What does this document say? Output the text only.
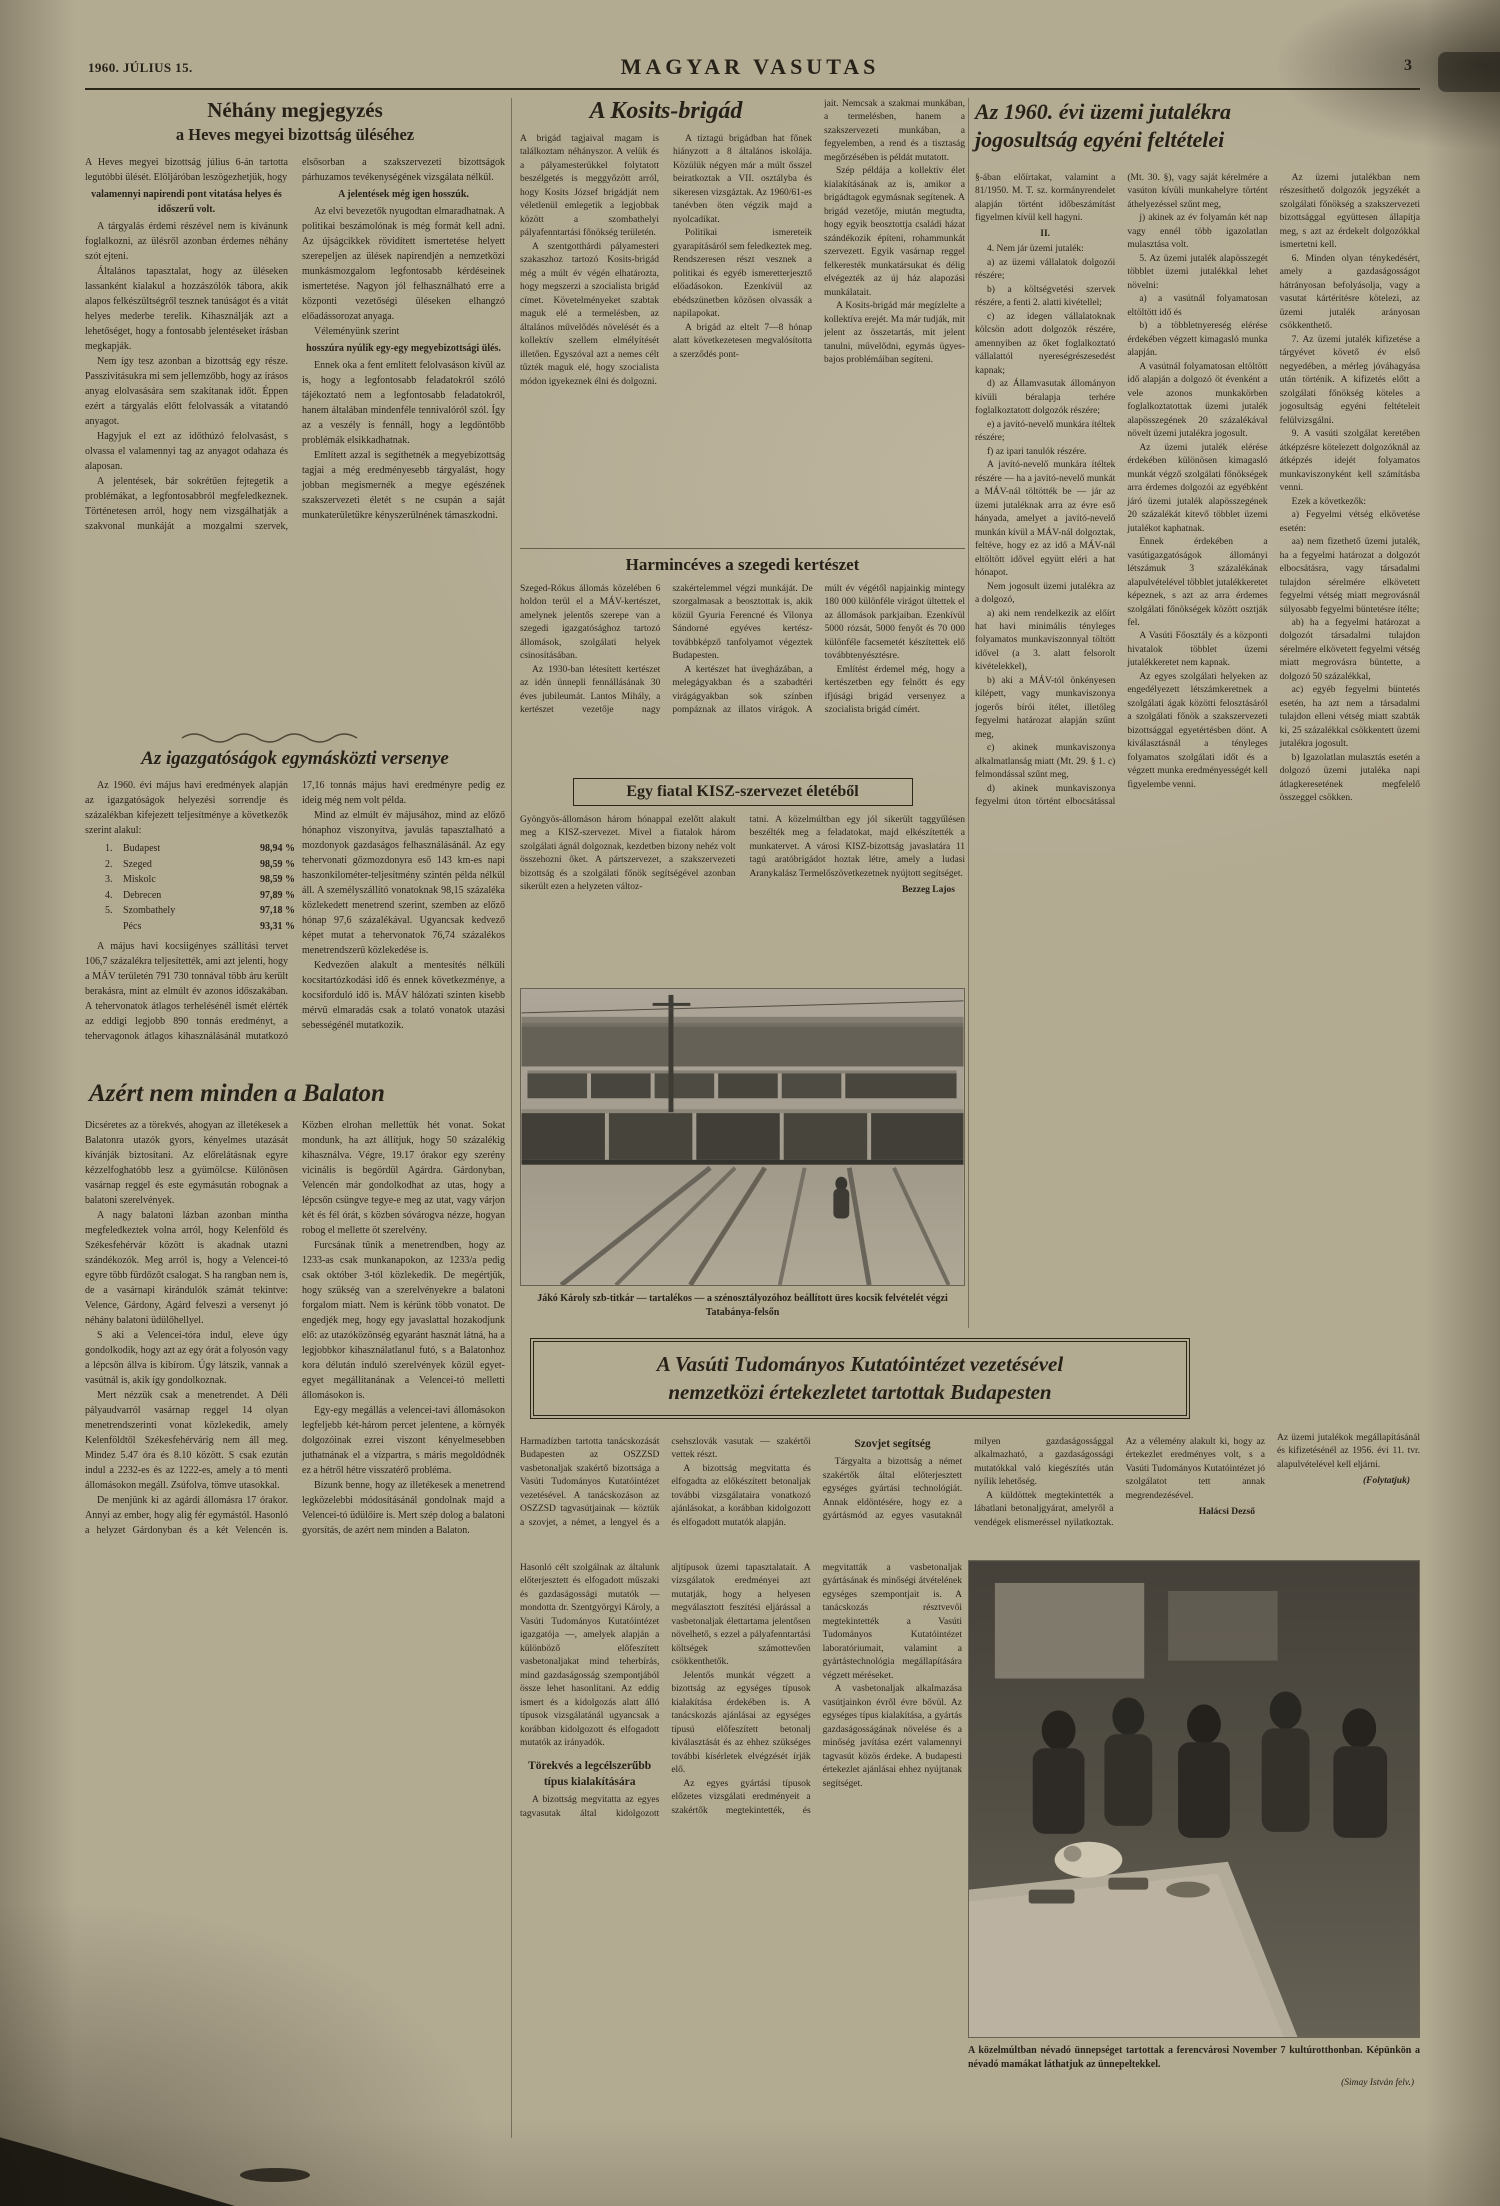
1960. JÚLIUS 15.	MAGYAR VASUTAS	3
Néhány megjegyzés
a Heves megyei bizottság üléséhez

A Heves megyei bizottság július 6-án tartotta legutóbbi ülését. Elöljáróban leszögezhetjük, hogy

valamennyi napirendi pont vitatása helyes és időszerű volt.

A tárgyalás érdemi részével nem is kívánunk foglalkozni, az ülésről azonban érdemes néhány szót ejteni.

Általános tapasztalat, hogy az üléseken lassanként kialakul a hozzászólók tábora, akik alapos felkészültségről tesznek tanúságot és a vitát helyes mederbe terelik. Kihasználják azt a lehetőséget, hogy a fontosabb jelentéseket írásban megkapják.

Nem így tesz azonban a bizottság egy része. Passzivitásukra mi sem jellemzőbb, hogy az írásos anyag elolvasására sem szakítanak időt. Éppen ezért a tárgyalás előtt felolvassák a vitatandó anyagot.

Hagyjuk el ezt az időthúzó felolvasást, s olvassa el valamennyi tag az anyagot odahaza és alaposan.

A jelentések, bár sokrétűen fejtegetik a problémákat, a legfontosabbról megfeledkeznek. Történetesen arról, hogy nem vizsgálhatják a szakvonal munkáját a mozgalmi szervek, elsősorban a szakszervezeti bizottságok párhuzamos tevékenységének vizsgálata nélkül.

A jelentések még igen hosszúk.

Az elvi bevezetők nyugodtan elmaradhatnak. A politikai beszámolónak is még formát kell adni. Az újságcikkek rövidített ismertetése helyett szerepeljen az ülések napirendjén a nemzetközi munkásmozgalom legfontosabb kérdéseinek ismertetése. Nagyon jól felhasználható erre a központi vezetőségi üléseken elhangzó előadássorozat anyaga.

Véleményünk szerint

hosszúra nyúlik egy-egy megyebizottsági ülés.

Ennek oka a fent említett felolvasáson kívül az is, hogy a legfontosabb feladatokról szóló tájékoztató nem a legfontosabb feladatokról, hanem általában mindenféle tennivalóról szól. Így az a veszély is fennáll, hogy a legdöntőbb problémák elsikkadhatnak.

Említett azzal is segíthetnék a megyebizottság tagjai a még eredményesebb tárgyalást, hogy jobban megismernék a megye egészének szakszervezeti életét s ne csupán a saját munkaterületükre kényszerülnének támaszkodni.

Az igazgatóságok egymásközti versenye

Az 1960. évi május havi eredmények alapján az igazgatóságok helyezési sorrendje és százalékban kifejezett teljesítménye a következők szerint alakul:

1.	Budapest	98,94 %
2.	Szeged	98,59 %
3.	Miskolc	98,59 %
4.	Debrecen	97,89 %
5.	Szombathely	97,18 %
Pécs	93,31 %

A május havi kocsiigényes szállítási tervet 106,7 százalékra teljesítették, ami azt jelenti, hogy a MÁV területén 791 730 tonnával több áru került berakásra, mint az elmúlt év azonos időszakában. A tehervonatok átlagos terhelésénél ismét elérték az eddigi legjobb 890 tonnás eredményt, a tehervagonok átlagos kihasználásánál mutatkozó 17,16 tonnás május havi eredményre pedig ez ideig még nem volt példa.

Mind az elmúlt év májusához, mind az előző hónaphoz viszonyítva, javulás tapasztalható a mozdonyok gazdaságos felhasználásánál. Az egy tehervonati gőzmozdonyra eső 143 km-es napi haszonkilométer-teljesítmény szintén példa nélkül áll. A személyszállító vonatoknak 98,15 százaléka közlekedett menetrend szerint, szemben az előző hónap 97,6 százalékával. Ugyancsak kedvező képet mutat a tehervonatok 76,74 százalékos menetrendszerű közlekedése is.

Kedvezően alakult a mentesítés nélküli kocsitartózkodási idő és ennek következménye, a kocsiforduló idő is. MÁV hálózati szinten kisebb mérvű elmaradás csak a tolató vonatok utazási sebességénél mutatkozik.

Azért nem minden a Balaton

Dicséretes az a törekvés, ahogyan az illetékesek a Balatonra utazók gyors, kényelmes utazását kívánják biztosítani. Az előrelátásnak egyre kézzelfoghatóbb lesz a gyümölcse. Különösen vasárnap reggel és este egymásután robognak a balatoni szerelvények.

A nagy balatoni lázban azonban mintha megfeledkeztek volna arról, hogy Kelenföld és Székesfehérvár között is akadnak utazni szándékozók. Meg arról is, hogy a Velencei-tó egyre több fürdőzőt csalogat. S ha rangban nem is, de a vasárnapi kirándulók számát tekintve: Velence, Gárdony, Agárd felveszi a versenyt jó néhány balatoni üdülőhellyel.

S aki a Velencei-tóra indul, eleve úgy gondolkodik, hogy azt az egy órát a folyosón vagy a lépcsőn állva is kibírom. Úgy látszik, vannak a vasútnál is, akik így gondolkoznak.

Mert nézzük csak a menetrendet. A Déli pályaudvarról vasárnap reggel 14 olyan menetrendszerinti vonat közlekedik, amely Kelenföldtől Székesfehérvárig nem áll meg. Mindez 5.47 óra és 8.10 között. S csak ezután indul a 2232-es és az 1222-es, amely a tó menti állomásokon megáll. Zsúfolva, tömve utasokkal.

De menjünk ki az agárdi állomásra 17 órakor. Annyi az ember, hogy alig fér egymástól. Hasonló a helyzet Gárdonyban és a két Velencén is. Közben elrohan mellettük hét vonat. Sokat mondunk, ha azt állítjuk, hogy 50 százalékig kihasználva. Végre, 19.17 órakor egy szerény vicinális is begördül Agárdra. Gárdonyban, Velencén már gondolkodhat az utas, hogy a lépcsőn csüngve tegye-e meg az utat, vagy várjon két és fél órát, s közben sóvárogva nézze, hogyan robog el mellette öt szerelvény.

Furcsának tűnik a menetrendben, hogy az 1233-as csak munkanapokon, az 1233/a pedig csak október 3-tól közlekedik. De megértjük, hogy szükség van a szerelvényekre a balatoni forgalom miatt. Nem is kérünk több vonatot. De engedjék meg, hogy egy javaslattal hozakodjunk elő: az utazóközönség egyaránt hasznát látná, ha a legjobbkor kihasználatlanul futó, s a Balatonhoz kora délután induló szerelvények közül egyet-egyet megállítanának a Velencei-tó melletti állomásokon is.

Egy-egy megállás a velencei-tavi állomásokon legfeljebb két-három percet jelentene, a környék dolgozóinak ezrei viszont kényelmesebben juthatnának el a vízpartra, s máris megoldódnék ez a hétről hétre visszatérő probléma.

Bízunk benne, hogy az illetékesek a menetrend legközelebbi módosításánál gondolnak majd a Velencei-tó üdülőire is. Mert szép dolog a balatoni gyorsítás, de azért nem minden a Balaton.

A Kosits-brigád

A brigád tagjaival magam is találkoztam néhányszor. A velük és a pályamesterükkel folytatott beszélgetés is meggyőzött arról, hogy Kosits József brigádját nem véletlenül emlegetik a legjobbak között a szombathelyi pályafenntartási főnökség területén.

A szentgotthárdi pályamesteri szakaszhoz tartozó Kosits-brigád még a múlt év végén elhatározta, hogy megszerzi a szocialista brigád címet. Követelményeket szabtak maguk elé a termelésben, az általános művelődés növelését és a kollektív szellem elmélyítését illetően. Egyszóval azt a nemes célt tűzték maguk elé, hogy szocialista módon igyekeznek élni és dolgozni.

A tíztagú brigádban hat főnek hiányzott a 8 általános iskolája. Közülük négyen már a múlt ősszel beiratkoztak a VII. osztályba és sikeresen vizsgáztak. Az 1960/61-es tanévben öten végzik majd a nyolcadikat.

Politikai ismereteik gyarapításáról sem feledkeztek meg. Rendszeresen részt vesznek a politikai és egyéb ismeretterjesztő előadásokon. Ezenkívül az ebédszünetben közösen olvassák a napilapokat.

A brigád az eltelt 7—8 hónap alatt következetesen megvalósította a szerződés pont-

jait. Nemcsak a szakmai munkában, a termelésben, hanem a szakszervezeti munkában, a fegyelemben, a rend és a tisztaság megőrzésében is példát mutatott.

Szép példája a kollektív élet kialakításának az is, amikor a brigádtagok egymásnak segítenek. A brigád vezetője, miután megtudta, hogy egyik beosztottja családi házat szándékozik építeni, rohammunkát szervezett. Egyik vasárnap reggel felkeresték munkatársukat és délig elvégezték az új ház alapozási munkálatait.

A Kosits-brigád már megízlelte a kollektíva erejét. Ma már tudják, mit jelent az összetartás, mit jelent tanulni, művelődni, egymás ügyes-bajos problémáiban segíteni.

Harmincéves a szegedi kertészet

Szeged-Rókus állomás közelében 6 holdon terül el a MÁV-kertészet, amelynek jelentős szerepe van a szegedi igazgatósághoz tartozó állomások, szolgálati helyek csinosításában.

Az 1930-ban létesített kertészet az idén ünnepli fennállásának 30 éves jubileumát. Lantos Mihály, a kertészet vezetője nagy szakértelemmel végzi munkáját. De szorgalmasak a beosztottak is, akik közül Gyuria Ferencné és Vilonya Sándorné egyéves kertész-továbbképző tanfolyamot végeztek Budapesten.

A kertészet hat üvegházában, a melegágyakban és a szabadtéri virágágyakban sok színben pompáznak az illatos virágok. A múlt év végétől napjainkig mintegy 180 000 különféle virágot ültettek el az állomások parkjaiban. Ezenkívül 5000 rózsát, 5000 fenyőt és 70 000 különféle facsemetét készítettek elő továbbtenyésztésre.

Említést érdemel még, hogy a kertészetben egy felnőtt és egy ifjúsági brigád versenyez a szocialista brigád címért.

Egy fiatal KISZ-szervezet életéből

Gyöngyös-állomáson három hónappal ezelőtt alakult meg a KISZ-szervezet. Mivel a fiatalok három szolgálati ágnál dolgoznak, kezdetben bizony nehéz volt összehozni őket. A pártszervezet, a szakszervezeti bizottság és a szolgálati főnök segítségével azonban sikerült ezen a helyzeten változ-

tatni. A közelmúltban egy jól sikerült taggyűlésen beszélték meg a feladatokat, majd elkészítették a munkatervet. A városi KISZ-bizottság javaslatára 11 tagú aratóbrigádot hoztak létre, amely a ludasi Aranykalász Termelőszövetkezetnek nyújtott segítséget.

Bezzeg Lajos

Jákó Károly szb-titkár — tartalékos — a szénosztályozóhoz beállított üres kocsik felvételét végzi Tatabánya-felsőn
A Vasúti Tudományos Kutatóintézet vezetésével
nemzetközi értekezletet tartottak Budapesten

Harmadízben tartotta tanácskozását Budapesten az OSZZSD vasbetonaljak szakértő bizottsága a Vasúti Tudományos Kutatóintézet vezetésével. A tanácskozáson az OSZZSD tagvasútjainak — köztük a szovjet, a német, a lengyel és a csehszlovák vasutak — szakértői vettek részt.

A bizottság megvitatta és elfogadta az előkészített betonaljak további vizsgálataira vonatkozó ajánlásokat, a korábban kidolgozott és elfogadott mutatók alapján.

Szovjet segítség

Tárgyalta a bizottság a német szakértők által előterjesztett egységes gyártási technológiát. Annak eldöntésére, hogy ez a gyártásmód az egyes vasutaknál milyen gazdaságossággal alkalmazható, a gazdaságossági mutatókkal való kiegészítés után nyílik lehetőség.

A küldöttek megtekintették a lábatlani betonaljgyárat, amelyről a vendégek elismeréssel nyilatkoztak. Az a vélemény alakult ki, hogy az értekezlet eredményes volt, s a Vasúti Tudományos Kutatóintézet jó szolgálatot tett annak megrendezésével.

Halácsi Dezső

Hasonló célt szolgálnak az általunk előterjesztett és elfogadott műszaki és gazdaságossági mutatók — mondotta dr. Szentgyörgyi Károly, a Vasúti Tudományos Kutatóintézet igazgatója —, amelyek alapján a különböző előfeszített vasbetonaljakat mind teherbírás, mind gazdaságosság szempontjából össze lehet hasonlítani. Az eddig ismert és a kidolgozás alatt álló típusok vizsgálatánál ugyancsak a korábban kidolgozott és elfogadott mutatók az irányadók.

Törekvés a legcélszerűbb típus kialakítására

A bizottság megvitatta az egyes tagvasutak által kidolgozott aljtípusok üzemi tapasztalatait. A vizsgálatok eredményei azt mutatják, hogy a helyesen megválasztott feszítési eljárással a vasbetonaljak élettartama jelentősen növelhető, s ezzel a pályafenntartási költségek számottevően csökkenthetők.

Jelentős munkát végzett a bizottság az egységes típusok kialakítása érdekében is. A tanácskozás ajánlásai az egységes típusú előfeszített betonalj kiválasztását és az ehhez szükséges további kísérletek elvégzését írják elő.

Az egyes gyártási típusok előzetes vizsgálati eredményeit a szakértők megtekintették, és megvitatták a vasbetonaljak gyártásának és minőségi átvételének egységes szempontjait is. A tanácskozás résztvevői megtekintették a Vasúti Tudományos Kutatóintézet laboratóriumait, valamint a gyártástechnológia megállapítására végzett méréseket.

A vasbetonaljak alkalmazása vasútjainkon évről évre bővül. Az egységes típus kialakítása, a gyártás gazdaságosságának növelése és a minőség javítása ezért valamennyi tagvasút közös érdeke. A budapesti értekezlet ajánlásai ehhez nyújtanak segítséget.

Az 1960. évi üzemi jutalékra
jogosultság egyéni feltételei

§-ában előírtakat, valamint a 81/1950. M. T. sz. kormányrendelet alapján történt időbeszámítást figyelmen kívül kell hagyni.

II.

4. Nem jár üzemi jutalék:

a) az üzemi vállalatok dolgozói részére;

b) a költségvetési szervek részére, a fenti 2. alatti kivétellel;

c) az idegen vállalatoknak kölcsön adott dolgozók részére, amennyiben az őket foglalkoztató vállalattól nyereségrészesedést kapnak;

d) az Államvasutak állományon kívüli béralapja terhére foglalkoztatott dolgozók részére;

e) a javító-nevelő munkára ítéltek részére;

f) az ipari tanulók részére.

A javító-nevelő munkára ítéltek részére — ha a javító-nevelő munkát a MÁV-nál töltötték be — jár az üzemi jutaléknak arra az évre eső hányada, amelyet a javító-nevelő munkán kívül a MÁV-nál dolgoztak, feltéve, hogy ez az idő a MÁV-nál eltöltött idővel együtt eléri a hat hónapot.

Nem jogosult üzemi jutalékra az a dolgozó,

a) aki nem rendelkezik az előírt hat havi minimális tényleges folyamatos munkaviszonnyal töltött idővel (a 3. alatt felsorolt kivételekkel),

b) aki a MÁV-tól önkényesen kilépett, vagy munkaviszonya jogerős bírói ítélet, illetőleg fegyelmi határozat alapján szűnt meg,

c) akinek munkaviszonya alkalmatlanság miatt (Mt. 29. § 1. c) felmondással szűnt meg,

d) akinek munkaviszonya fegyelmi úton történt elbocsátással (Mt. 30. §), vagy saját kérelmére a vasúton kívüli munkahelyre történt áthelyezéssel szűnt meg,

j) akinek az év folyamán két nap vagy ennél több igazolatlan mulasztása volt.

5. Az üzemi jutalék alapösszegét többlet üzemi jutalékkal lehet növelni:

a) a vasútnál folyamatosan eltöltött idő és

b) a többletnyereség elérése érdekében végzett kimagasló munka alapján.

A vasútnál folyamatosan eltöltött idő alapján a dolgozó öt évenként a vele azonos munkakörben foglalkoztatottak üzemi jutalék alapösszegének 20 százalékával növelt üzemi jutalékra jogosult.

Az üzemi jutalék elérése érdekében különösen kimagasló munkát végző szolgálati főnökségek arra érdemes dolgozói az egyébként járó üzemi jutalék alapösszegének 20 százalékát kitevő többlet üzemi jutalékot kaphatnak.

Ennek érdekében a vasútigazgatóságok állományi létszámuk 3 százalékának alapulvételével többlet jutalékkeretet képeznek, s azt az arra érdemes szolgálati főnökségek között osztják fel.

A Vasúti Főosztály és a központi hivatalok többlet üzemi jutalékkeretet nem kapnak.

Az egyes szolgálati helyeken az engedélyezett létszámkeretnek a szolgálati ágak közötti felosztásáról a szolgálati főnök a szakszervezeti bizottsággal egyetértésben dönt. A kiválasztásnál a tényleges folyamatos szolgálati időt és a végzett munka eredményességét kell figyelembe venni.

Az üzemi jutalékban nem részesíthető dolgozók jegyzékét a szolgálati főnökség a szakszervezeti bizottsággal együttesen állapítja meg, s azt az érdekelt dolgozókkal ismertetni kell.

6. Minden olyan ténykedésért, amely a gazdaságosságot hátrányosan befolyásolja, vagy a vasutat kártérítésre kötelezi, az üzemi jutalék arányosan csökkenthető.

7. Az üzemi jutalék kifizetése a tárgyévet követő év első negyedében, a mérleg jóváhagyása után történik. A kifizetés előtt a szolgálati főnökség köteles a jogosultság egyéni feltételeit felülvizsgálni.

9. A vasúti szolgálat keretében átképzésre kötelezett dolgozóknál az átképzés idejét folyamatos munkaviszonyként kell számításba venni.

Ezek a következők:

a) Fegyelmi vétség elkövetése esetén:

aa) nem fizethető üzemi jutalék, ha a fegyelmi határozat a dolgozót elbocsátásra, vagy társadalmi tulajdon sérelmére elkövetett fegyelmi vétség miatt megrovásnál súlyosabb fegyelmi büntetésre ítélte;

ab) ha a fegyelmi határozat a dolgozót társadalmi tulajdon sérelmére elkövetett fegyelmi vétség miatt megrovásra büntette, a dolgozó 50 százalékkal,

ac) egyéb fegyelmi büntetés esetén, ha azt nem a társadalmi tulajdon elleni vétség miatt szabták ki, 25 százalékkal csökkentett üzemi jutalékra jogosult.

b) Igazolatlan mulasztás esetén a dolgozó üzemi jutaléka napi átlagkeresetének megfelelő összeggel csökken.

Az üzemi jutalékok megállapításánál és kifizetésénél az 1956. évi 11. tvr. alapulvételével kell eljárni.

(Folytatjuk)

A közelmúltban névadó ünnepséget tartottak a ferencvárosi November 7 kultúrotthonban. Képünkön a névadó mamákat láthatjuk az ünnepeltekkel.
(Simay István felv.)
